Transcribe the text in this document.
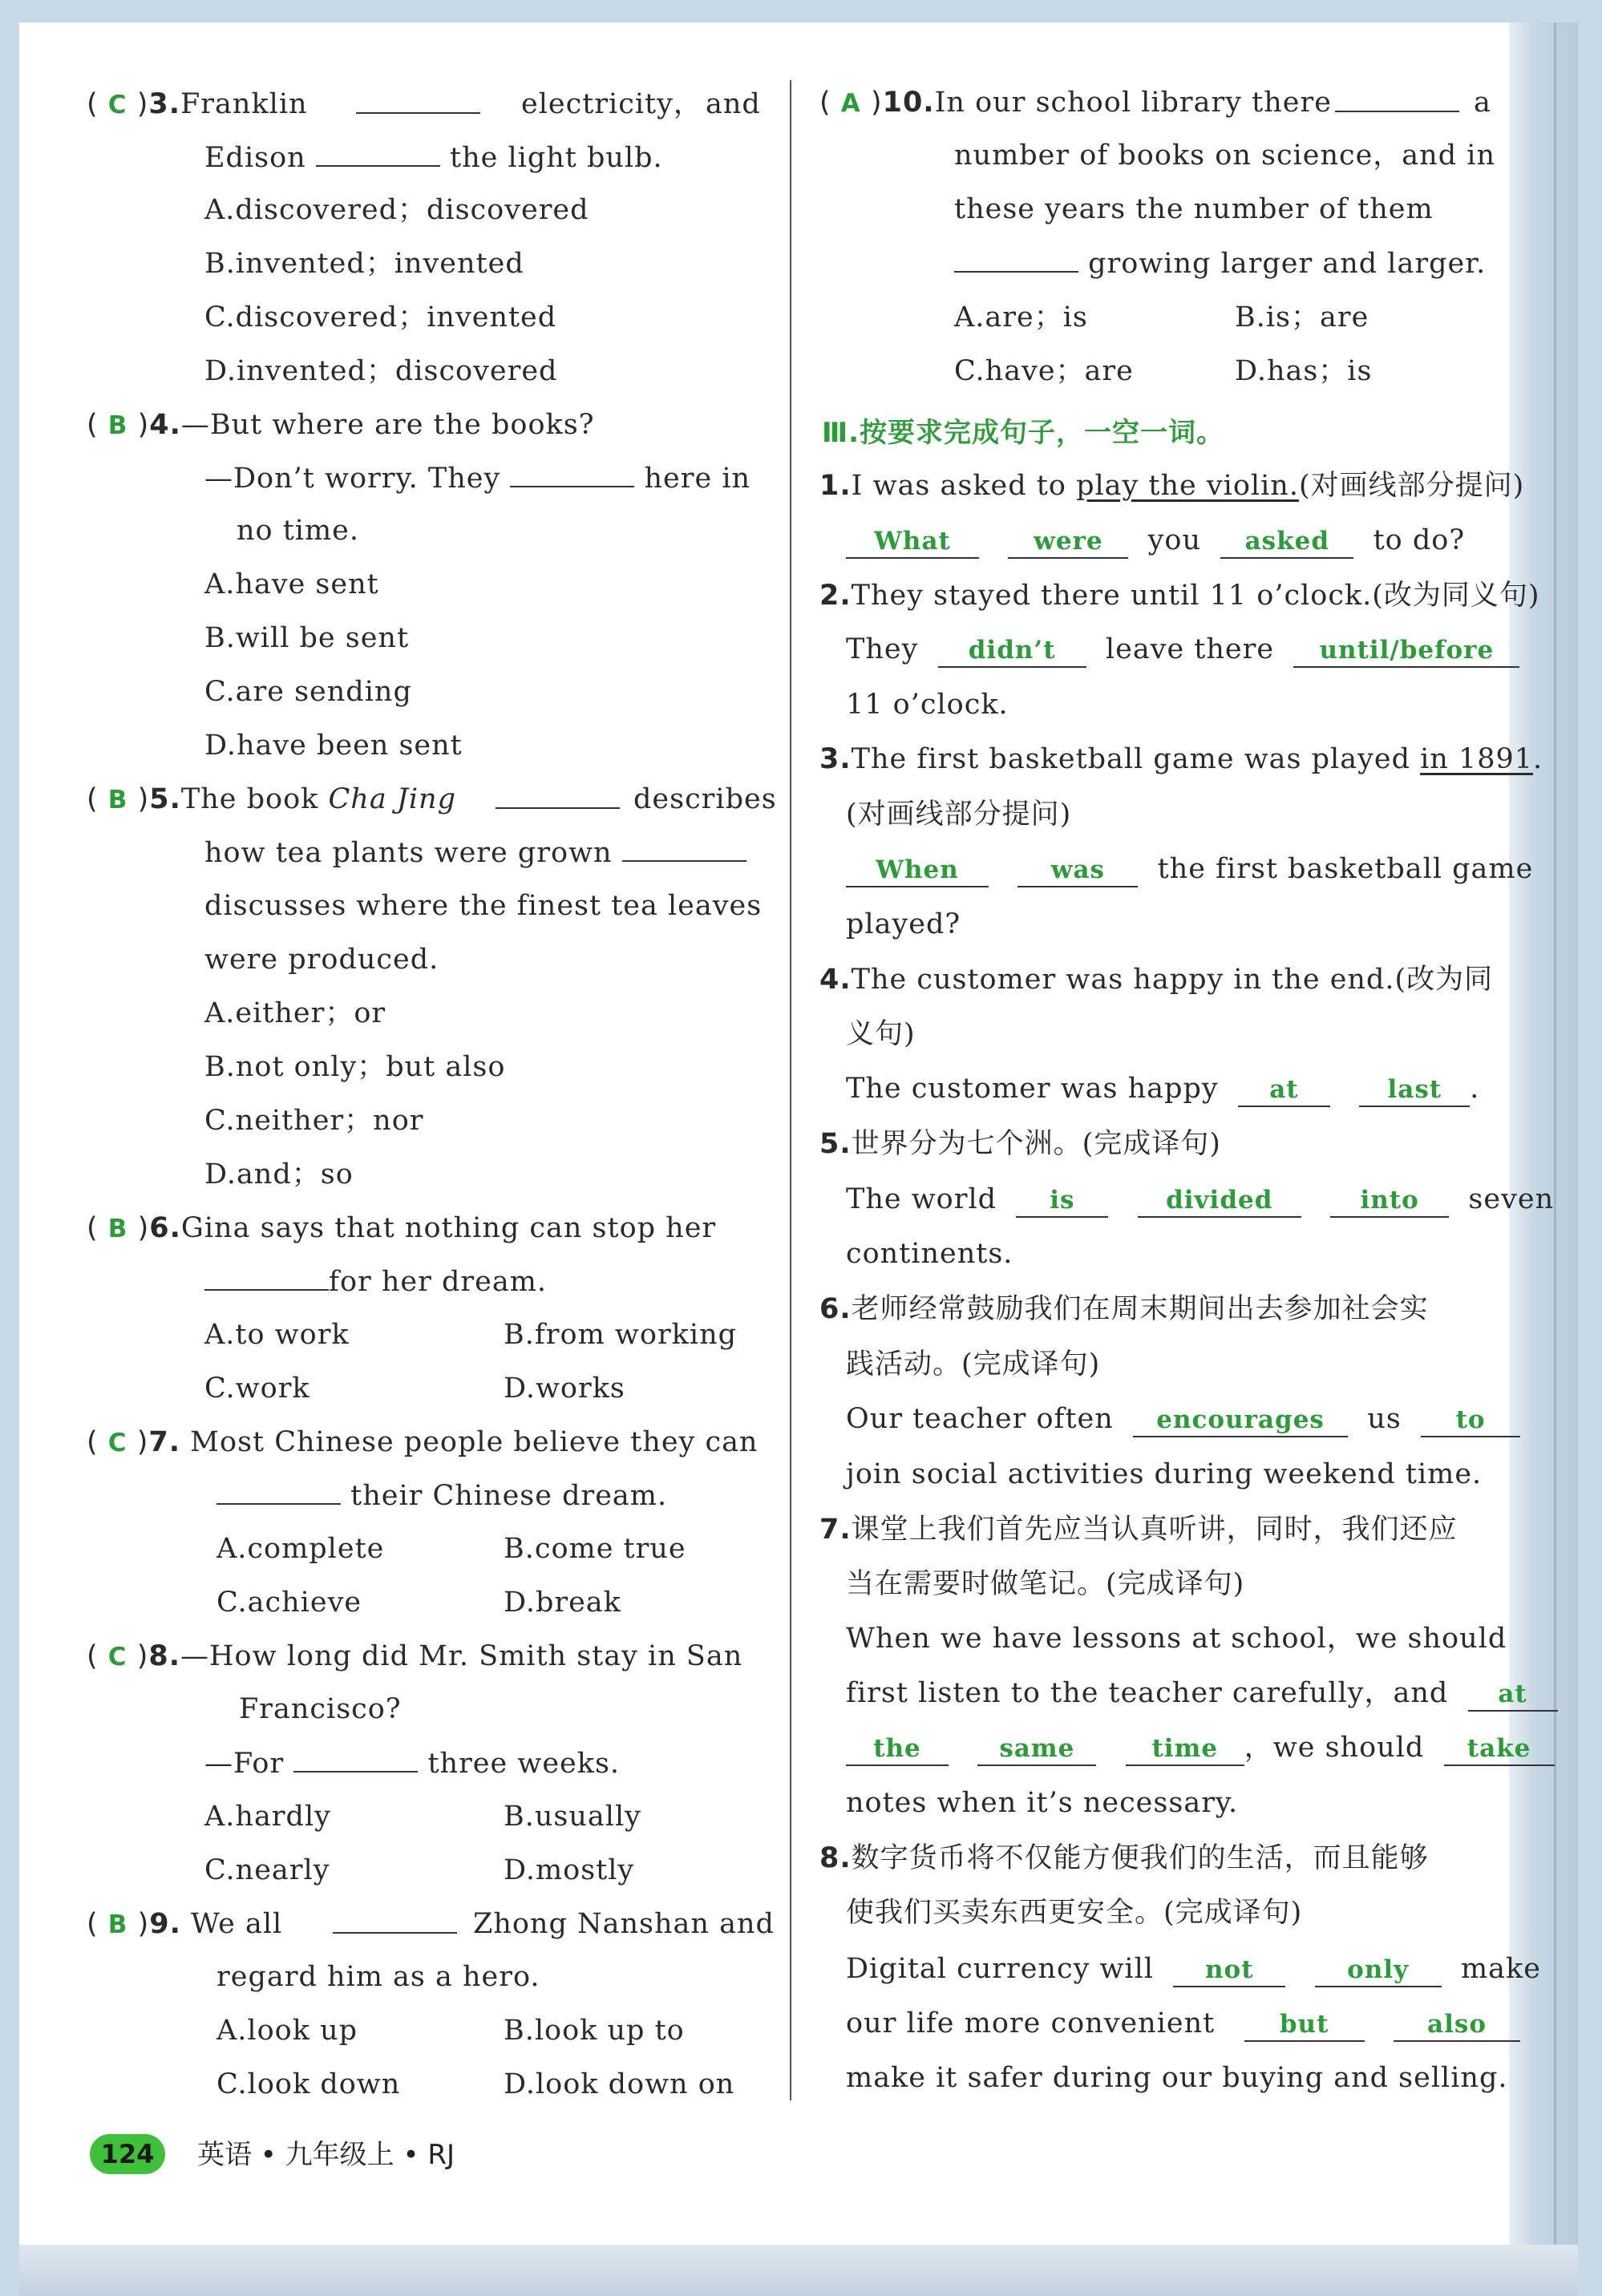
( C )3.Franklin	electricity， and
Edison	the light bulb.
A.discovered；discovered
B.invented；invented
C.discovered；invented
D.invented；discovered
( B )4.—But where are the books?
—Don’t worry. They	here in
no time.
A.have sent
B.will be sent
C.are sending
D.have been sent
( B )5.The book Cha Jing	describes
how tea plants were grown
discusses where the finest tea leaves
were produced.
A.either；or
B.not only；but also
C.neither；nor
D.and；so
( B )6.Gina says that nothing can stop her
for her dream.
A.to work	B.from working
C.work	D.works
( C )7. Most Chinese people believe they can
their Chinese dream.
A.complete	B.come true
C.achieve	D.break
( C )8.—How long did Mr. Smith stay in San
Francisco?
—For	three weeks.
A.hardly	B.usually
C.nearly	D.mostly
( B )9. We all	Zhong Nanshan and
regard him as a hero.
A.look up	B.look up to
C.look down	D.look down on
( A )10.In our school library there	a
number of books on science，and in
these years the number of them
growing larger and larger.
A.are；is	B.is；are
C.have；are	D.has；is
Ⅲ.按要求完成句子，一空一词。
1.I was asked to play the violin.(对画线部分提问)
What	were you asked to do?
2.They stayed there until 11 o’clock.(改为同义句)
They didn’t leave there until/before
11 o’clock.
3.The first basketball game was played in 1891.
(对画线部分提问)
When	was the first basketball game
played?
4.The customer was happy in the end.(改为同
义句)
The customer was happy at	last .
5.世界分为七个洲。(完成译句)
The world is	divided	into seven
continents.
6.老师经常鼓励我们在周末期间出去参加社会实
践活动。(完成译句)
Our teacher often encourages us to
join social activities during weekend time.
7.课堂上我们首先应当认真听讲，同时，我们还应
当在需要时做笔记。(完成译句)
When we have lessons at school，we should
first listen to the teacher carefully，and at
the	same	time ，we should take
notes when it’s necessary.
8.数字货币将不仅能方便我们的生活，而且能够
使我们买卖东西更安全。(完成译句)
Digital currency will not	only make
our life more convenient	but	also
make it safer during our buying and selling.
124	英语 • 九年级上 • RJ
